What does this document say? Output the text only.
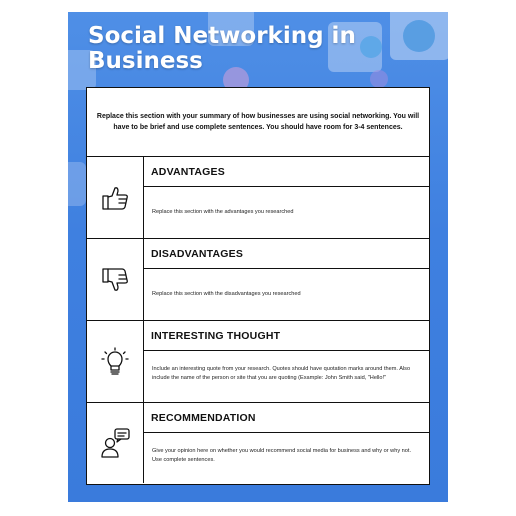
Social Networking in Business
Replace this section with your summary of how businesses are using social networking. You will have to be brief and use complete sentences. You should have room for 3-4 sentences.
ADVANTAGES
Replace this section with the advantages you researched
DISADVANTAGES
Replace this section with the disadvantages you researched
INTERESTING THOUGHT
Include an interesting quote from your research. Quotes should have quotation marks around them. Also include the name of the person or site that you are quoting (Example: John Smith said, "Hello!"
RECOMMENDATION
Give your opinion here on whether you would recommend social media for business and why or why not. Use complete sentences.
